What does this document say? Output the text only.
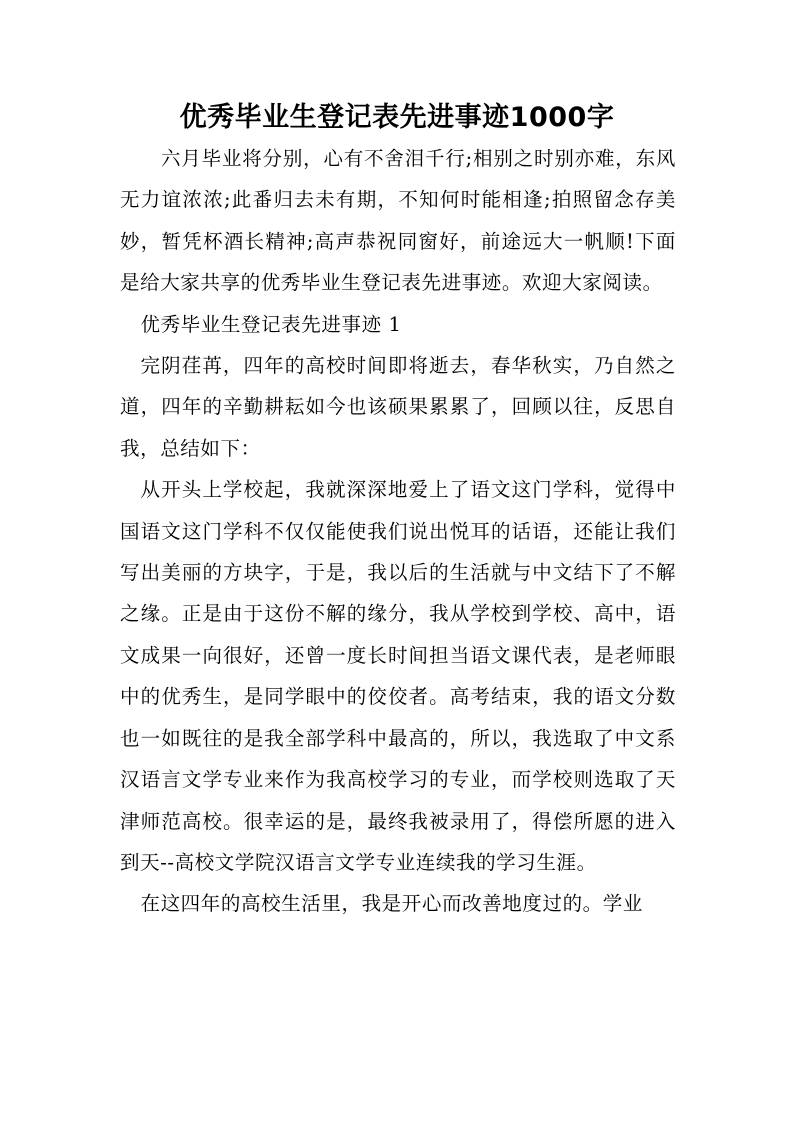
优秀毕业生登记表先进事迹1000字

六月毕业将分别，心有不舍泪千行;相别之时别亦难，东风无力谊浓浓;此番归去未有期，不知何时能相逢;拍照留念存美妙，暂凭杯酒长精神;高声恭祝同窗好，前途远大一帆顺!下面是给大家共享的优秀毕业生登记表先进事迹。欢迎大家阅读。

优秀毕业生登记表先进事迹 1

完阴荏苒，四年的高校时间即将逝去，春华秋实，乃自然之道，四年的辛勤耕耘如今也该硕果累累了，回顾以往，反思自我，总结如下：

从开头上学校起，我就深深地爱上了语文这门学科，觉得中国语文这门学科不仅仅能使我们说出悦耳的话语，还能让我们写出美丽的方块字，于是，我以后的生活就与中文结下了不解之缘。正是由于这份不解的缘分，我从学校到学校、高中，语文成果一向很好，还曾一度长时间担当语文课代表，是老师眼中的优秀生，是同学眼中的佼佼者。高考结束，我的语文分数也一如既往的是我全部学科中最高的，所以，我选取了中文系汉语言文学专业来作为我高校学习的专业，而学校则选取了天津师范高校。很幸运的是，最终我被录用了，得偿所愿的进入到天--高校文学院汉语言文学专业连续我的学习生涯。

在这四年的高校生活里，我是开心而改善地度过的。学业
